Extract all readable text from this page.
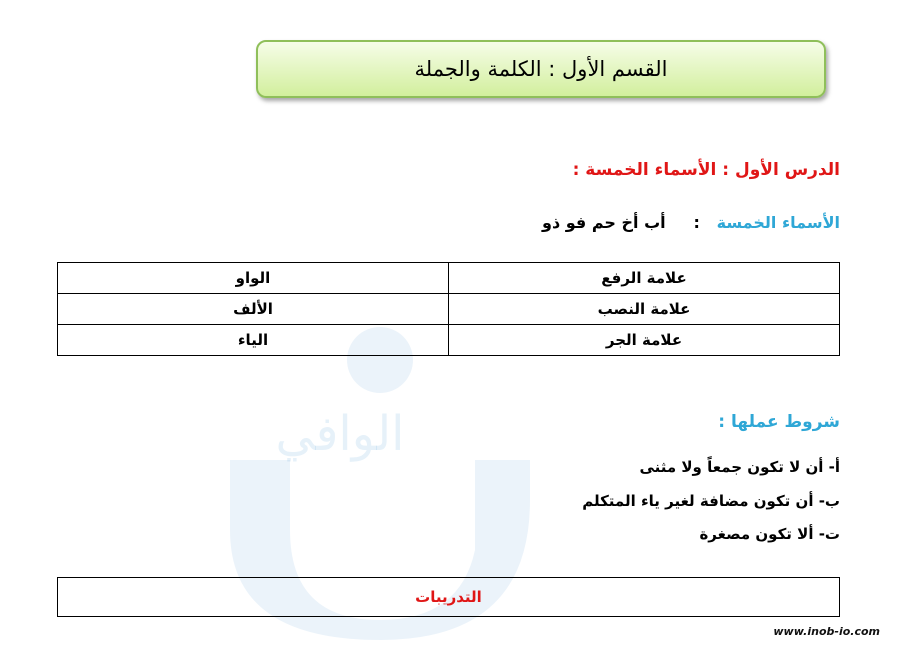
الوافي
القسم الأول : الكلمة والجملة
الدرس الأول : الأسماء الخمسة :
الأسماء الخمسة   :     أب أخ حم فو ذو
علامة الرفع	الواو
علامة النصب	الألف
علامة الجر	الياء
شروط عملها :
أ- أن لا تكون جمعاً ولا مثنى
ب- أن تكون مضافة لغير ياء المتكلم
ت- ألا تكون مصغرة
التدريبات
www.inob-io.com
